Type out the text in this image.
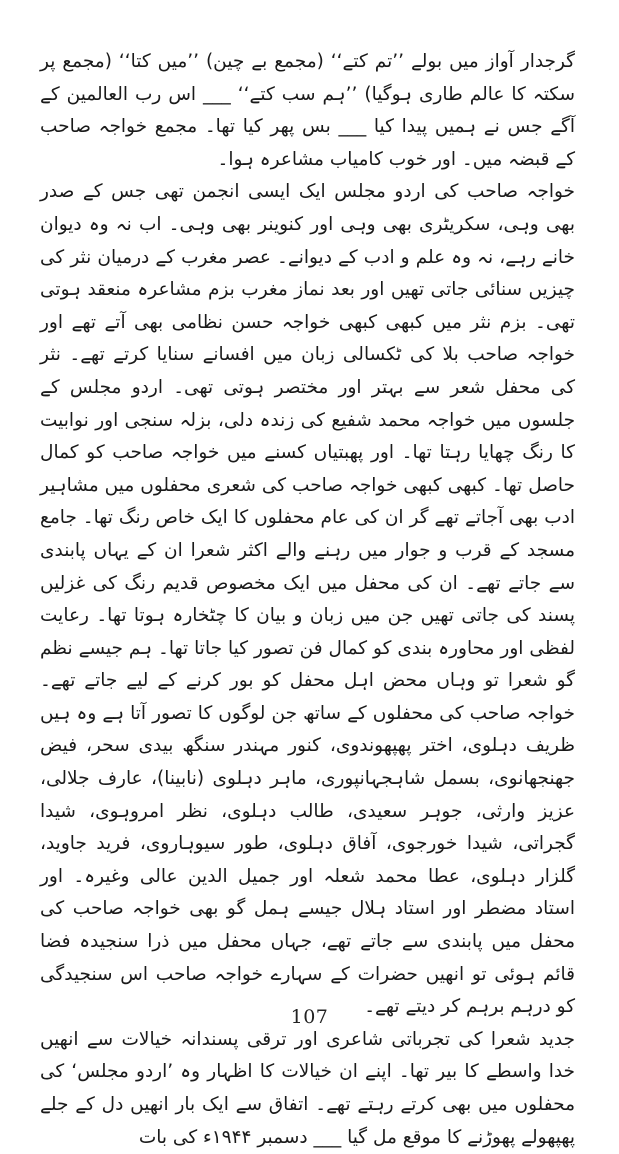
گرجدار آواز میں بولے ’’تم کتے‘‘ (مجمع بے چین) ’’میں کتا‘‘ (مجمع پر سکتہ کا عالم طاری ہوگیا) ’’ہم سب کتے‘‘ ___ اس رب العالمین کے آگے جس نے ہمیں پیدا کیا ___ بس پھر کیا تھا۔ مجمع خواجہ صاحب کے قبضہ میں۔ اور خوب کامیاب مشاعرہ ہوا۔

خواجہ صاحب کی اردو مجلس ایک ایسی انجمن تھی جس کے صدر بھی وہی، سکریٹری بھی وہی اور کنوینر بھی وہی۔ اب نہ وہ دیوان خانے رہے، نہ وہ علم و ادب کے دیوانے۔ عصر مغرب کے درمیان نثر کی چیزیں سنائی جاتی تھیں اور بعد نماز مغرب بزم مشاعرہ منعقد ہوتی تھی۔ بزم نثر میں کبھی کبھی خواجہ حسن نظامی بھی آتے تھے اور خواجہ صاحب بلا کی ٹکسالی زبان میں افسانے سنایا کرتے تھے۔ نثر کی محفل شعر سے بہتر اور مختصر ہوتی تھی۔ اردو مجلس کے جلسوں میں خواجہ محمد شفیع کی زندہ دلی، بزلہ سنجی اور نوابیت کا رنگ چھایا رہتا تھا۔ اور پھبتیاں کسنے میں خواجہ صاحب کو کمال حاصل تھا۔ کبھی کبھی خواجہ صاحب کی شعری محفلوں میں مشاہیر ادب بھی آجاتے تھے گر ان کی عام محفلوں کا ایک خاص رنگ تھا۔ جامع مسجد کے قرب و جوار میں رہنے والے اکثر شعرا ان کے یہاں پابندی سے جاتے تھے۔ ان کی محفل میں ایک مخصوص قدیم رنگ کی غزلیں پسند کی جاتی تھیں جن میں زبان و بیان کا چٹخارہ ہوتا تھا۔ رعایت لفظی اور محاورہ بندی کو کمال فن تصور کیا جاتا تھا۔ ہم جیسے نظم گو شعرا تو وہاں محض اہل محفل کو بور کرنے کے لیے جاتے تھے۔ خواجہ صاحب کی محفلوں کے ساتھ جن لوگوں کا تصور آتا ہے وہ ہیں ظریف دہلوی، اختر پھپھوندوی، کنور مہندر سنگھ بیدی سحر، فیض جھنجھانوی، بسمل شاہجہانپوری، ماہر دہلوی (نابینا)، عارف جلالی، عزیز وارثی، جوہر سعیدی، طالب دہلوی، نظر امروہوی، شیدا گجراتی، شیدا خورجوی، آفاق دہلوی، طور سیوہاروی، فرید جاوید، گلزار دہلوی، عطا محمد شعلہ اور جمیل الدین عالی وغیرہ۔ اور استاد مضطر اور استاد ہلال جیسے ہمل گو بھی خواجہ صاحب کی محفل میں پابندی سے جاتے تھے، جہاں محفل میں ذرا سنجیدہ فضا قائم ہوئی تو انھیں حضرات کے سہارے خواجہ صاحب اس سنجیدگی کو درہم برہم کر دیتے تھے۔

جدید شعرا کی تجرباتی شاعری اور ترقی پسندانہ خیالات سے انھیں خدا واسطے کا بیر تھا۔ اپنے ان خیالات کا اظہار وہ ’اردو مجلس‘ کی محفلوں میں بھی کرتے رہتے تھے۔ اتفاق سے ایک بار انھیں دل کے جلے پھپھولے پھوڑنے کا موقع مل گیا ___ دسمبر ۱۹۴۴ء کی بات

107
